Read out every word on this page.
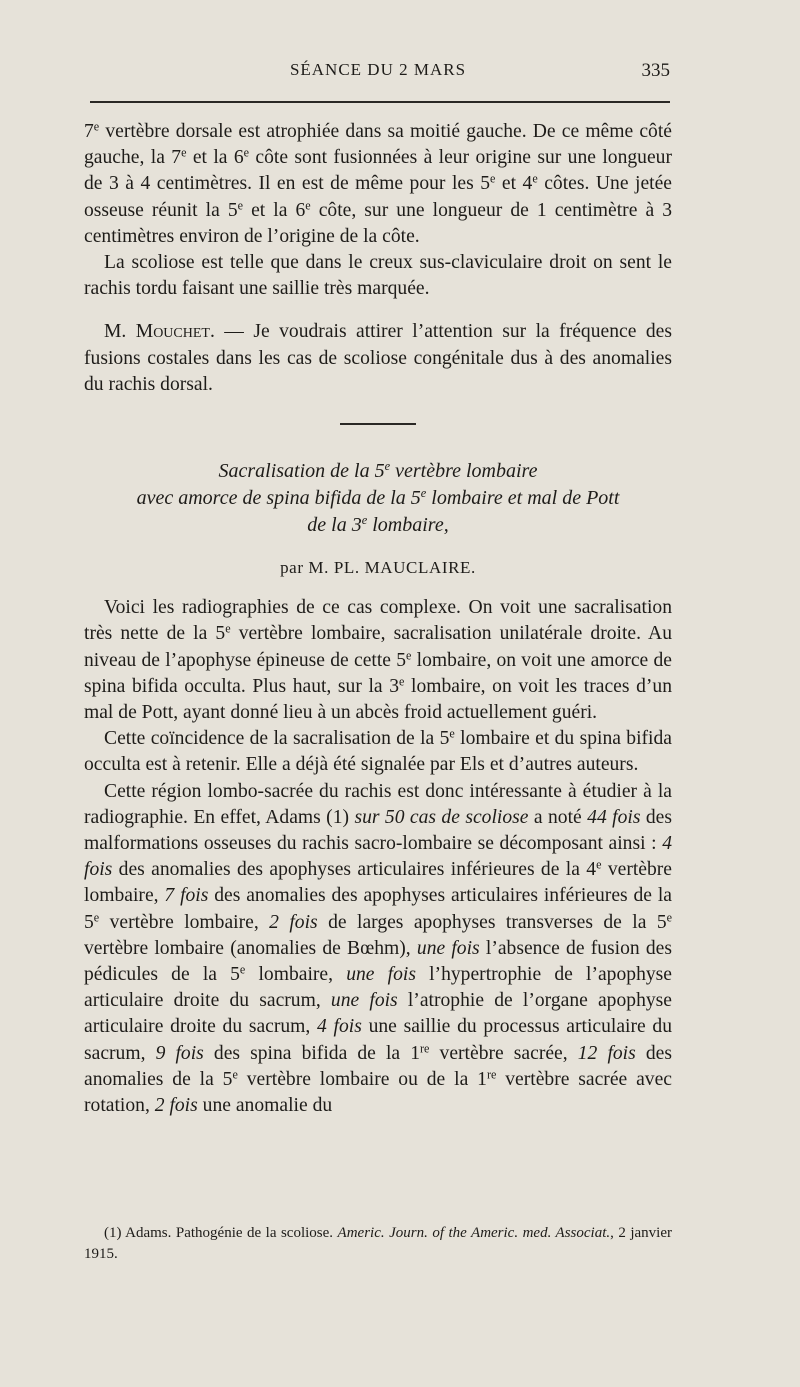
SÉANCE DU 2 MARS	335

7e vertèbre dorsale est atrophiée dans sa moitié gauche. De ce même côté gauche, la 7e et la 6e côte sont fusionnées à leur origine sur une longueur de 3 à 4 centimètres. Il en est de même pour les 5e et 4e côtes. Une jetée osseuse réunit la 5e et la 6e côte, sur une longueur de 1 centimètre à 3 centimètres environ de l’origine de la côte.

La scoliose est telle que dans le creux sus-claviculaire droit on sent le rachis tordu faisant une saillie très marquée.

M. Mouchet. — Je voudrais attirer l’attention sur la fréquence des fusions costales dans les cas de scoliose congénitale dus à des anomalies du rachis dorsal.

Sacralisation de la 5e vertèbre lombaire
avec amorce de spina bifida de la 5e lombaire et mal de Pott
de la 3e lombaire,
par M. PL. MAUCLAIRE.

Voici les radiographies de ce cas complexe. On voit une sacralisation très nette de la 5e vertèbre lombaire, sacralisation unilatérale droite. Au niveau de l’apophyse épineuse de cette 5e lombaire, on voit une amorce de spina bifida occulta. Plus haut, sur la 3e lombaire, on voit les traces d’un mal de Pott, ayant donné lieu à un abcès froid actuellement guéri.

Cette coïncidence de la sacralisation de la 5e lombaire et du spina bifida occulta est à retenir. Elle a déjà été signalée par Els et d’autres auteurs.

Cette région lombo-sacrée du rachis est donc intéressante à étudier à la radiographie. En effet, Adams (1) sur 50 cas de scoliose a noté 44 fois des malformations osseuses du rachis sacro-lombaire se décomposant ainsi : 4 fois des anomalies des apophyses articulaires inférieures de la 4e vertèbre lombaire, 7 fois des anomalies des apophyses articulaires inférieures de la 5e vertèbre lombaire, 2 fois de larges apophyses transverses de la 5e vertèbre lombaire (anomalies de Bœhm), une fois l’absence de fusion des pédicules de la 5e lombaire, une fois l’hypertrophie de l’apophyse articulaire droite du sacrum, une fois l’atrophie de l’organe apophyse articulaire droite du sacrum, 4 fois une saillie du processus articulaire du sacrum, 9 fois des spina bifida de la 1re vertèbre sacrée, 12 fois des anomalies de la 5e vertèbre lombaire ou de la 1re vertèbre sacrée avec rotation, 2 fois une anomalie du

(1) Adams. Pathogénie de la scoliose. Americ. Journ. of the Americ. med. Associat., 2 janvier 1915.
